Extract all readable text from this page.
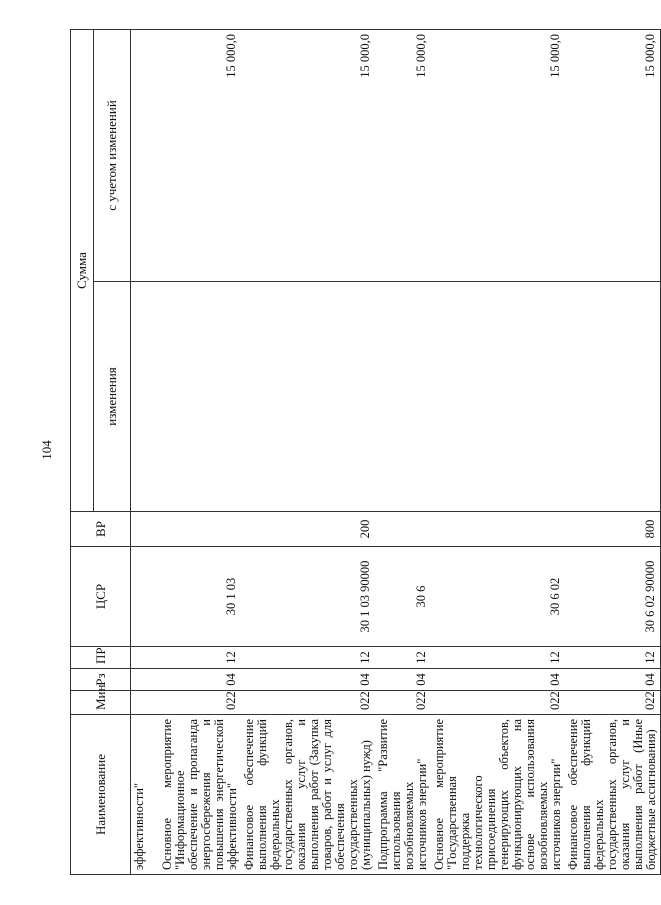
104
Наименование	Мин	Рз	ПР	ЦСР	ВР	Сумма	
						изменения	с учетом изменений
эффективности"							
Основное мероприятие "Информационное обеспечение и пропаганда энергосбережения и повышения энергетической эффективности"	022	04	12	30 1 03			15 000,0
Финансовое обеспечение выполнения функций федеральных государственных органов, оказания услуг и выполнения работ (Закупка товаров, работ и услуг для обеспечения государственных (муниципальных) нужд)	022	04	12	30 1 03 90000	200		15 000,0
Подпрограмма "Развитие использования возобновляемых источников энергии"	022	04	12	30 6			15 000,0
Основное мероприятие "Государственная поддержка технологического присоединения генерирующих объектов, функционирующих на основе использования возобновляемых источников энергии"	022	04	12	30 6 02			15 000,0
Финансовое обеспечение выполнения функций федеральных государственных органов, оказания услуг и выполнения работ (Иные бюджетные ассигнования)	022	04	12	30 6 02 90000	800		15 000,0
